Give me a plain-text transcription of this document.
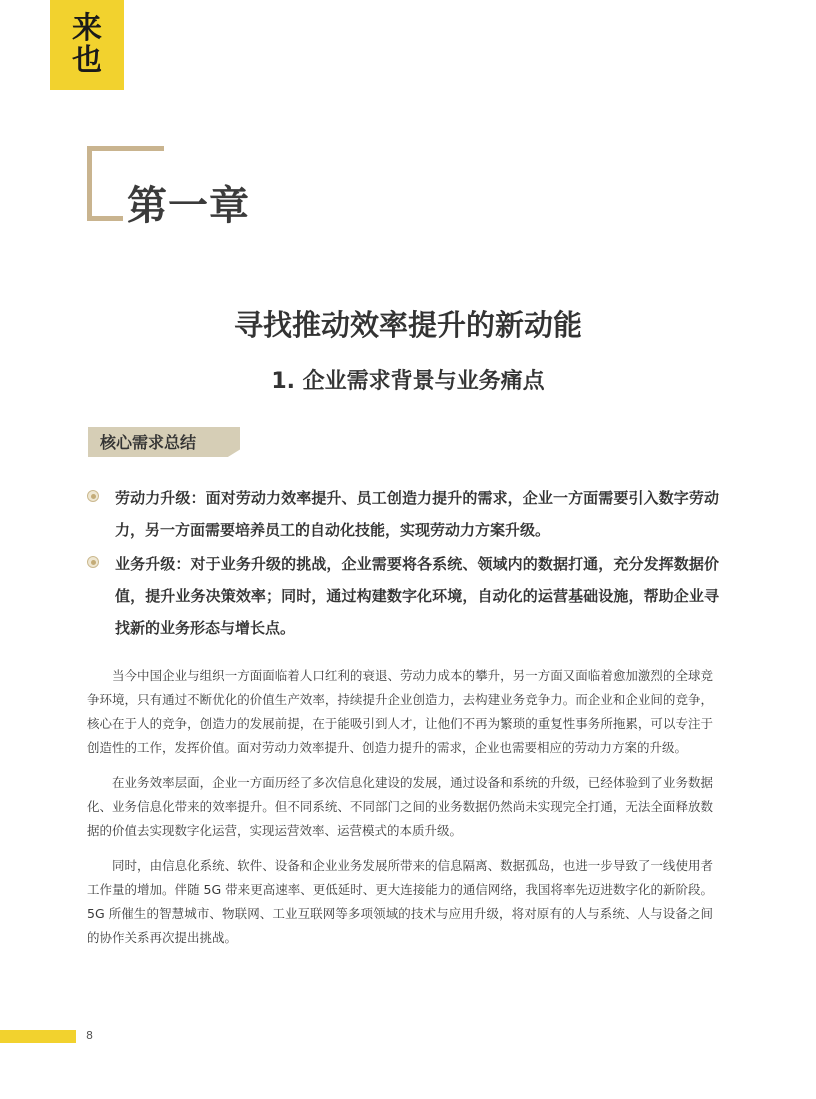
来
也
第一章
寻找推动效率提升的新动能
1. 企业需求背景与业务痛点
核心需求总结
劳动力升级：面对劳动力效率提升、员工创造力提升的需求，企业一方面需要引入数字劳动力，另一方面需要培养员工的自动化技能，实现劳动力方案升级。
业务升级：对于业务升级的挑战，企业需要将各系统、领域内的数据打通，充分发挥数据价值，提升业务决策效率；同时，通过构建数字化环境，自动化的运营基础设施，帮助企业寻找新的业务形态与增长点。

当今中国企业与组织一方面面临着人口红利的衰退、劳动力成本的攀升，另一方面又面临着愈加激烈的全球竞争环境，只有通过不断优化的价值生产效率，持续提升企业创造力，去构建业务竞争力。而企业和企业间的竞争，核心在于人的竞争，创造力的发展前提，在于能吸引到人才，让他们不再为繁琐的重复性事务所拖累，可以专注于创造性的工作，发挥价值。面对劳动力效率提升、创造力提升的需求，企业也需要相应的劳动力方案的升级。

在业务效率层面，企业一方面历经了多次信息化建设的发展，通过设备和系统的升级，已经体验到了业务数据化、业务信息化带来的效率提升。但不同系统、不同部门之间的业务数据仍然尚未实现完全打通，无法全面释放数据的价值去实现数字化运营，实现运营效率、运营模式的本质升级。

同时，由信息化系统、软件、设备和企业业务发展所带来的信息隔离、数据孤岛，也进一步导致了一线使用者工作量的增加。伴随 5G 带来更高速率、更低延时、更大连接能力的通信网络，我国将率先迈进数字化的新阶段。5G 所催生的智慧城市、物联网、工业互联网等多项领域的技术与应用升级，将对原有的人与系统、人与设备之间的协作关系再次提出挑战。

8
